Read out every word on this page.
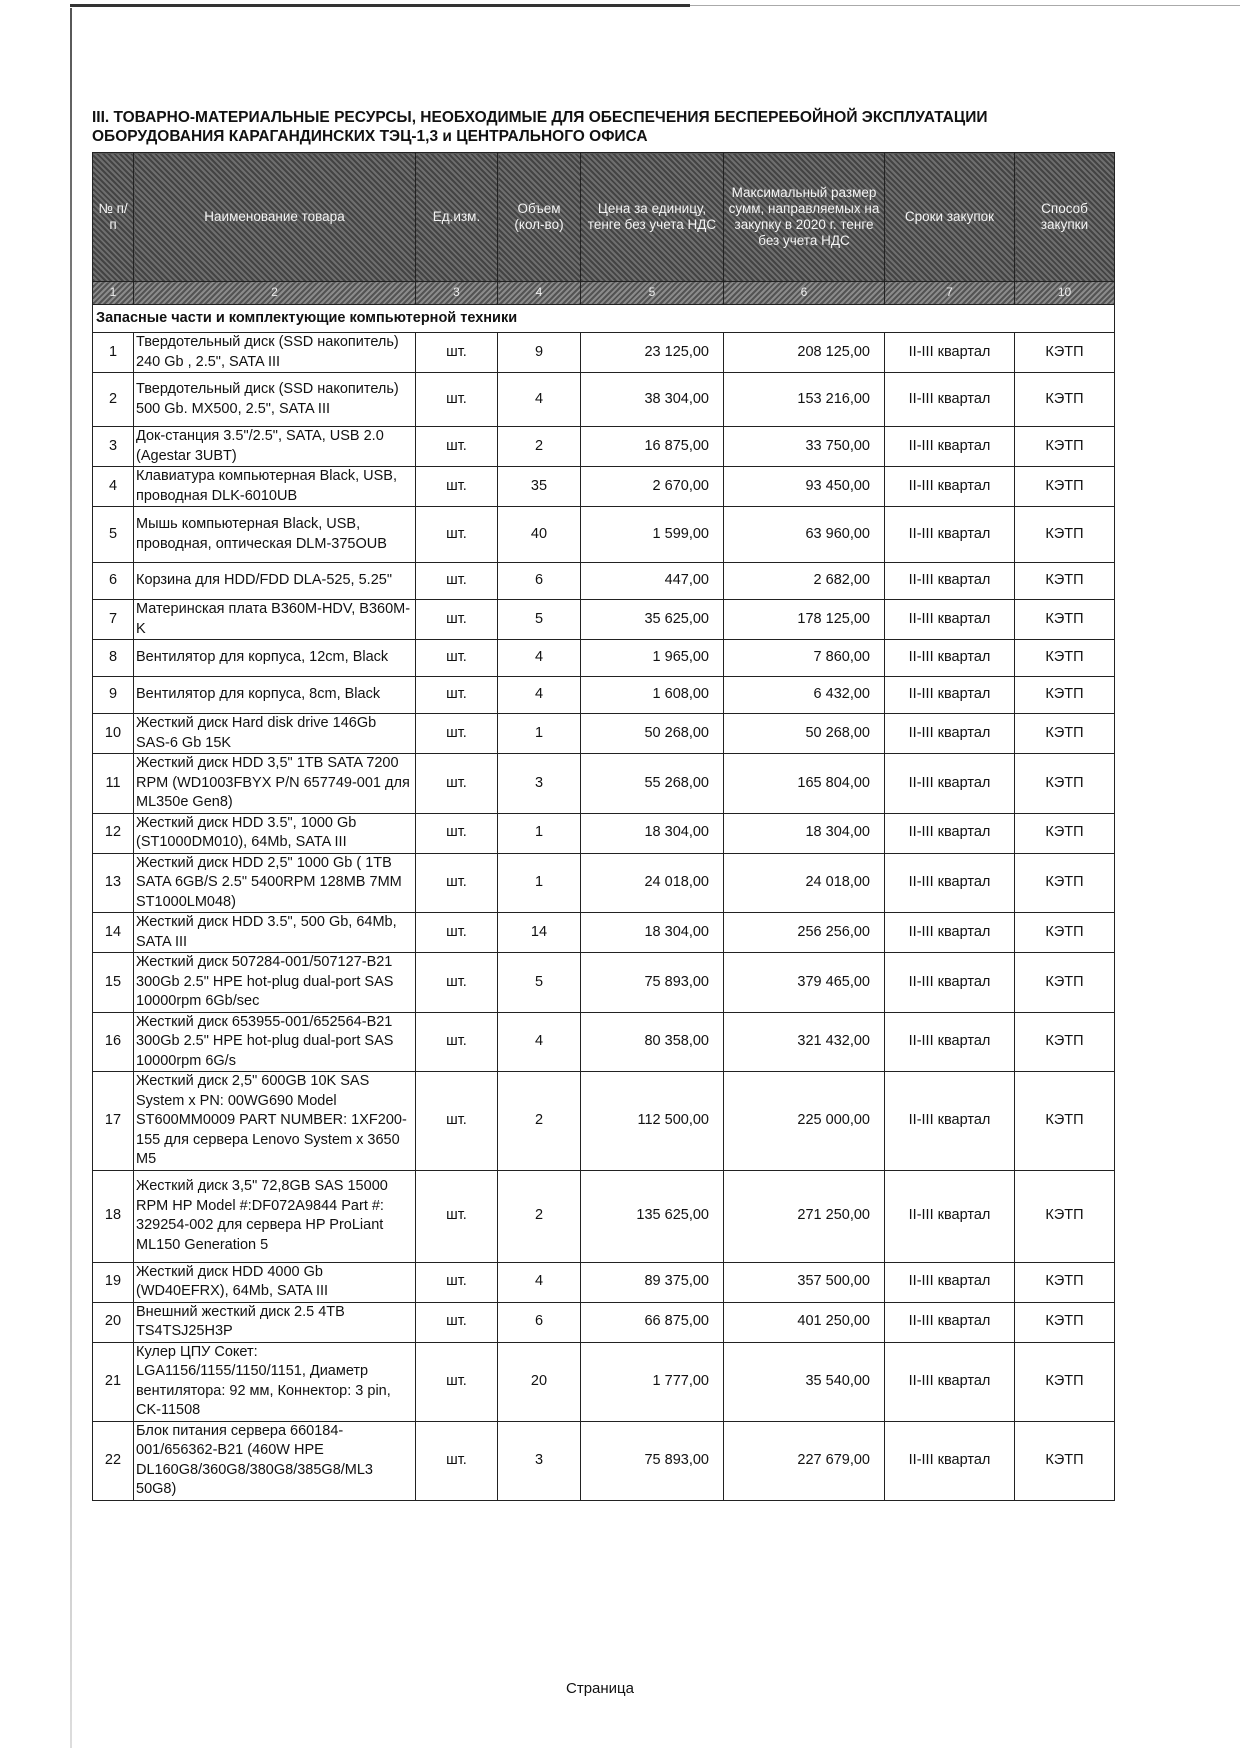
III. ТОВАРНО-МАТЕРИАЛЬНЫЕ РЕСУРСЫ, НЕОБХОДИМЫЕ ДЛЯ ОБЕСПЕЧЕНИЯ БЕСПЕРЕБОЙНОЙ ЭКСПЛУАТАЦИИ ОБОРУДОВАНИЯ КАРАГАНДИНСКИХ ТЭЦ-1,3 и ЦЕНТРАЛЬНОГО ОФИСА
№ п/п	Наименование товара	Ед.изм.	Объем (кол-во)	Цена за единицу, тенге без учета НДС	Максимальный размер сумм, направляемых на закупку в 2020 г. тенге без учета НДС	Сроки закупок	Способ закупки
1	2	3	4	5	6	7	10
Запасные части и комплектующие компьютерной техники							
1	Твердотельный диск (SSD накопитель) 240 Gb , 2.5", SATA III	шт.	9	23 125,00	208 125,00	II-III квартал	КЭТП
2	Твердотельный диск (SSD накопитель) 500 Gb. MX500, 2.5", SATA III	шт.	4	38 304,00	153 216,00	II-III квартал	КЭТП
3	Док-станция 3.5"/2.5", SATA, USB 2.0 (Agestar 3UBT)	шт.	2	16 875,00	33 750,00	II-III квартал	КЭТП
4	Клавиатура компьютерная Black, USB, проводная DLK-6010UB	шт.	35	2 670,00	93 450,00	II-III квартал	КЭТП
5	Мышь компьютерная Black, USB, проводная, оптическая DLM-375OUB	шт.	40	1 599,00	63 960,00	II-III квартал	КЭТП
6	Корзина для HDD/FDD DLA-525, 5.25"	шт.	6	447,00	2 682,00	II-III квартал	КЭТП
7	Материнская плата B360M-HDV, B360M-K	шт.	5	35 625,00	178 125,00	II-III квартал	КЭТП
8	Вентилятор для корпуса, 12cm, Black	шт.	4	1 965,00	7 860,00	II-III квартал	КЭТП
9	Вентилятор для корпуса, 8cm, Black	шт.	4	1 608,00	6 432,00	II-III квартал	КЭТП
10	Жесткий диск Hard disk drive 146Gb SAS-6 Gb 15K	шт.	1	50 268,00	50 268,00	II-III квартал	КЭТП
11	Жесткий диск HDD 3,5" 1TB SATA 7200 RPM (WD1003FBYX P/N 657749-001 для ML350e Gen8)	шт.	3	55 268,00	165 804,00	II-III квартал	КЭТП
12	Жесткий диск HDD 3.5", 1000 Gb (ST1000DM010), 64Mb, SATA III	шт.	1	18 304,00	18 304,00	II-III квартал	КЭТП
13	Жесткий диск HDD 2,5" 1000 Gb ( 1TB SATA 6GB/S 2.5" 5400RPM 128MB 7MM ST1000LM048)	шт.	1	24 018,00	24 018,00	II-III квартал	КЭТП
14	Жесткий диск HDD 3.5", 500 Gb, 64Mb, SATA III	шт.	14	18 304,00	256 256,00	II-III квартал	КЭТП
15	Жесткий диск 507284-001/507127-B21 300Gb 2.5" HPE hot-plug dual-port SAS 10000rpm 6Gb/sec	шт.	5	75 893,00	379 465,00	II-III квартал	КЭТП
16	Жесткий диск 653955-001/652564-B21 300Gb 2.5" HPE hot-plug dual-port SAS 10000rpm 6G/s	шт.	4	80 358,00	321 432,00	II-III квартал	КЭТП
17	Жесткий диск 2,5" 600GB 10K SAS System x PN: 00WG690 Model ST600MM0009 PART NUMBER: 1XF200-155 для сервера Lenovo System x 3650 M5	шт.	2	112 500,00	225 000,00	II-III квартал	КЭТП
18	Жесткий диск 3,5" 72,8GB SAS 15000 RPM HP Model #:DF072A9844 Part #: 329254-002 для сервера HP ProLiant ML150 Generation 5	шт.	2	135 625,00	271 250,00	II-III квартал	КЭТП
19	Жесткий диск HDD 4000 Gb (WD40EFRX), 64Mb, SATA III	шт.	4	89 375,00	357 500,00	II-III квартал	КЭТП
20	Внешний жесткий диск 2.5 4TB TS4TSJ25H3P	шт.	6	66 875,00	401 250,00	II-III квартал	КЭТП
21	Кулер ЦПУ Сокет: LGA1156/1155/1150/1151, Диаметр вентилятора: 92 мм, Коннектор: 3 pin, CK-11508	шт.	20	1 777,00	35 540,00	II-III квартал	КЭТП
22	Блок питания сервера 660184-001/656362-B21 (460W HPE DL160G8/360G8/380G8/385G8/ML3 50G8)	шт.	3	75 893,00	227 679,00	II-III квартал	КЭТП
Страница
